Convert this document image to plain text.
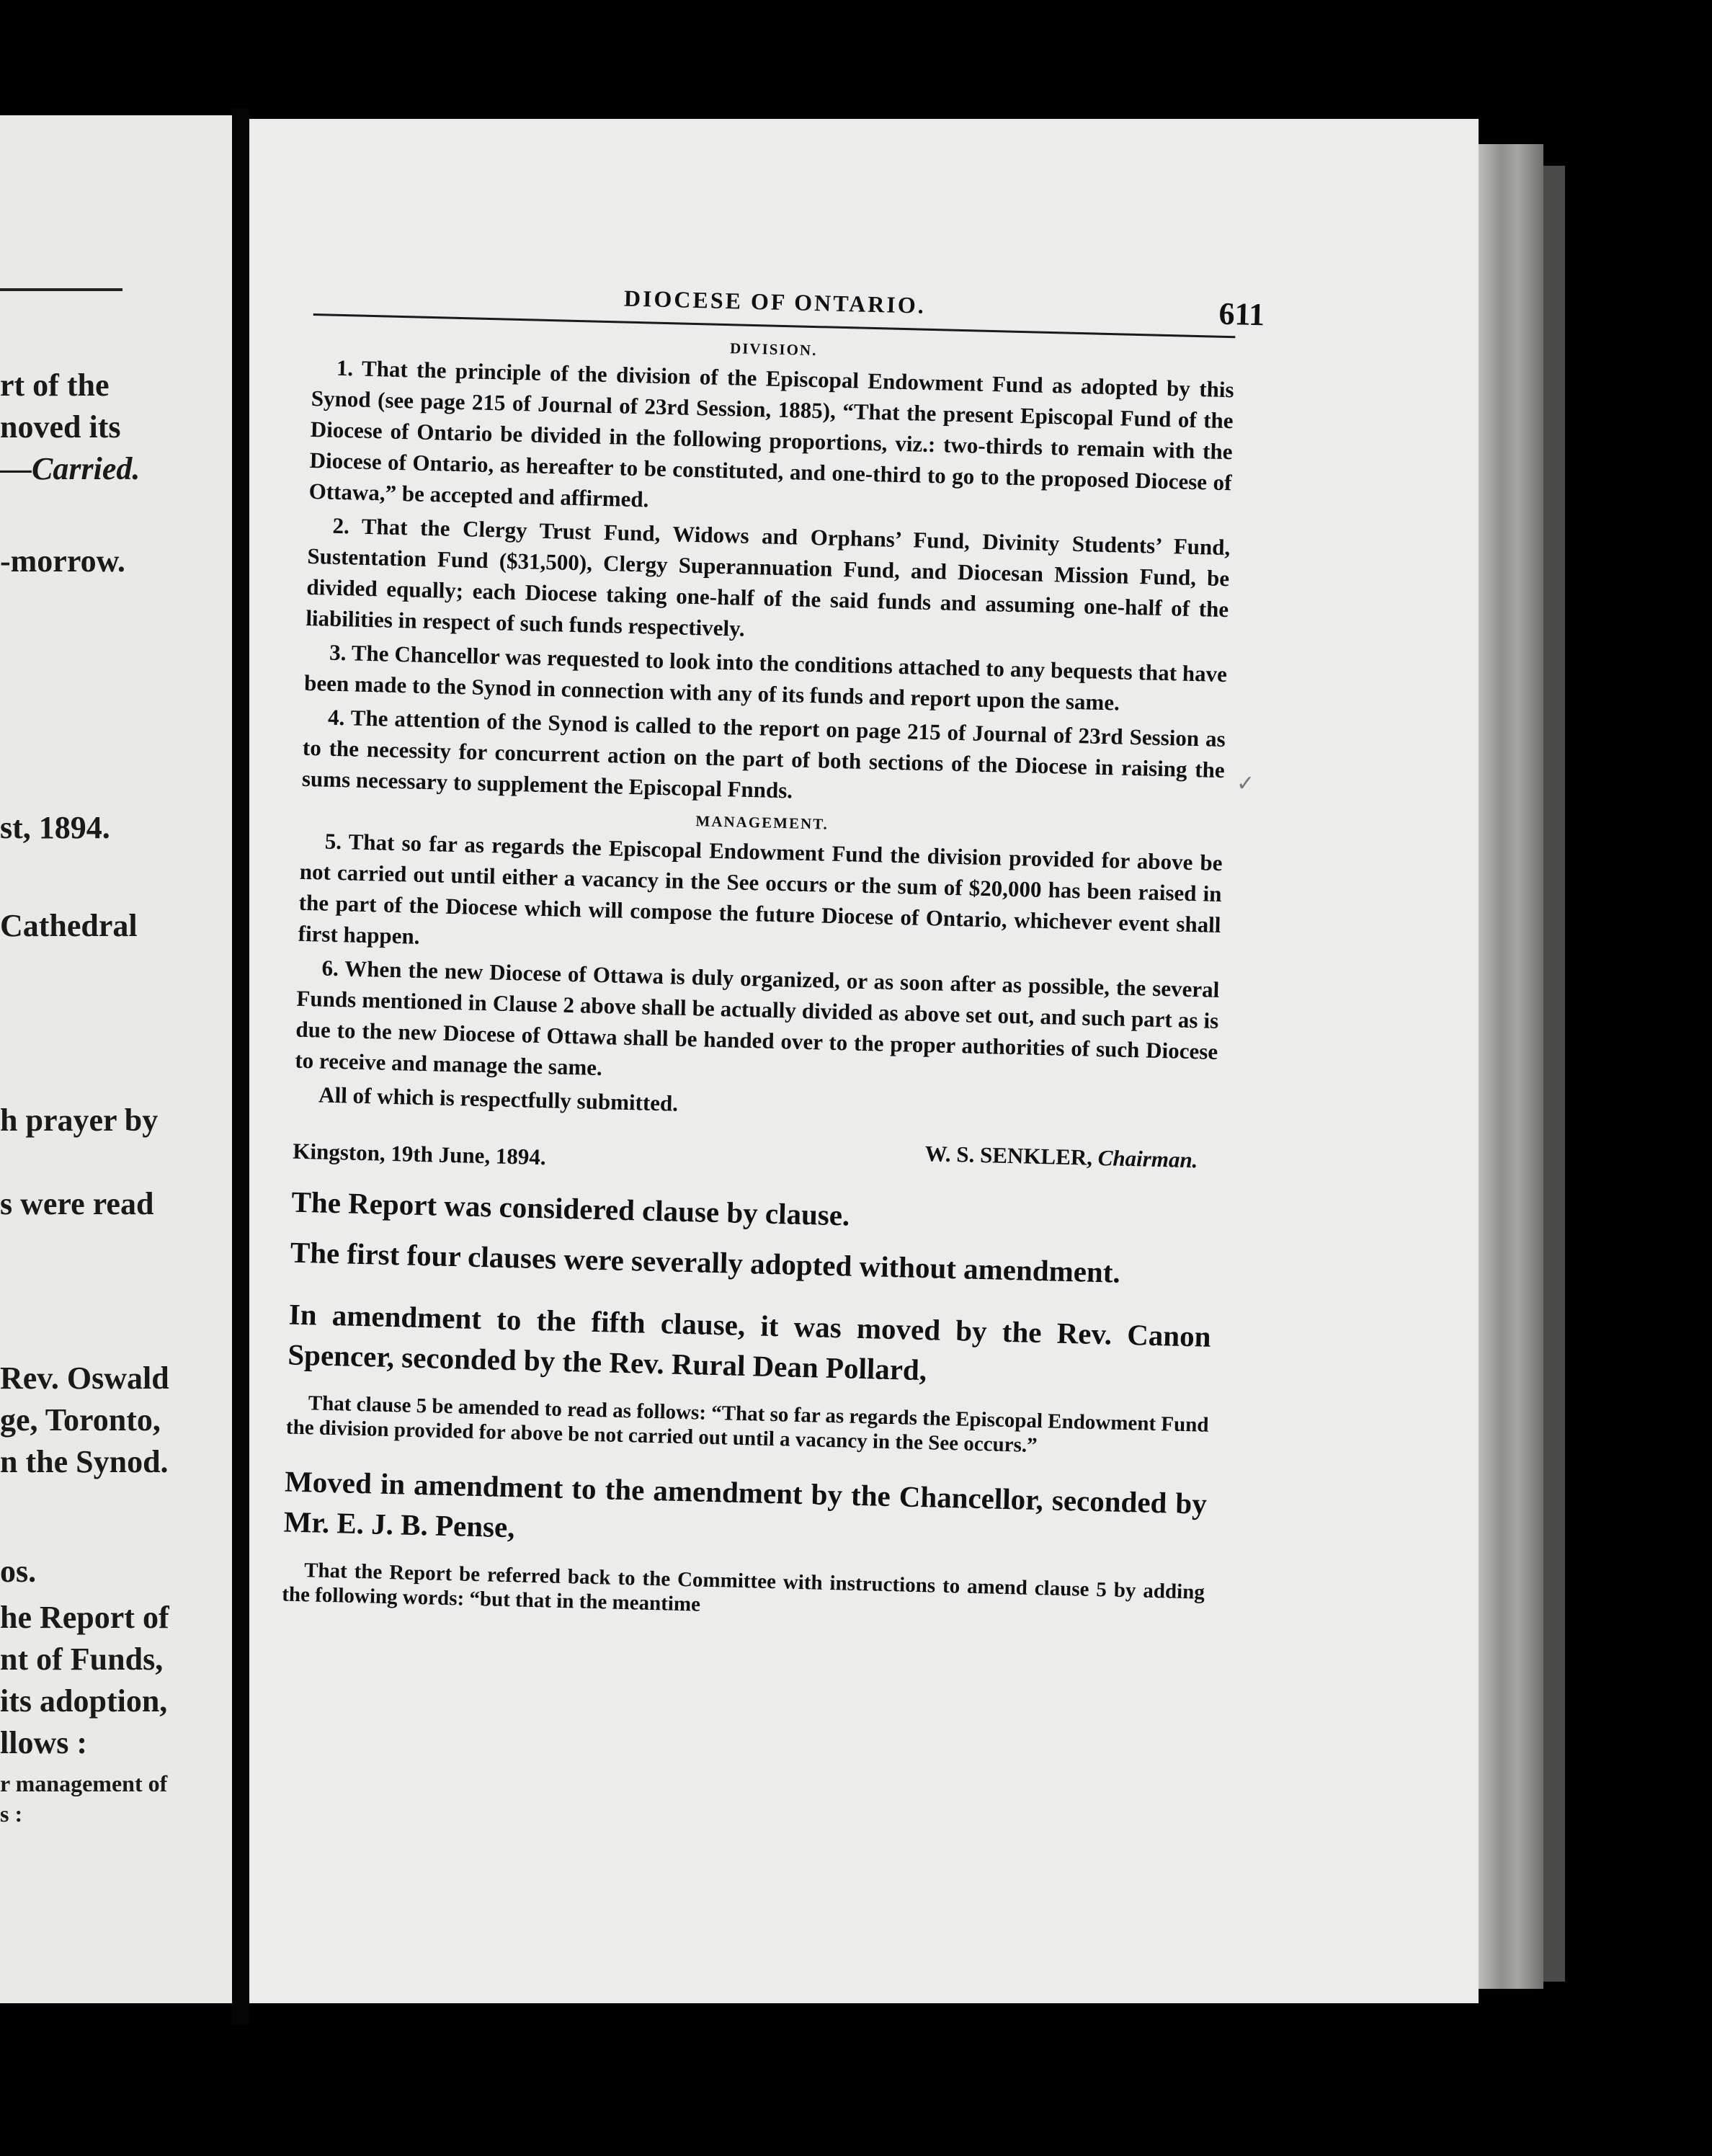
rt of the
noved its
—Carried.
-morrow.
st, 1894.
Cathedral
h prayer by
s were read
Rev. Oswald
ge, Toronto,
n the Synod.
os.
he Report of
nt of Funds,
its adoption,
llows :
r management of
s :
DIOCESE OF ONTARIO.	611
DIVISION.

1. That the principle of the division of the Episcopal Endowment Fund as adopted by this Synod (see page 215 of Journal of 23rd Session, 1885), “That the present Episcopal Fund of the Diocese of Ontario be divided in the following proportions, viz.: two-thirds to remain with the Diocese of Ontario, as hereafter to be constituted, and one-third to go to the proposed Diocese of Ottawa,” be accepted and affirmed.

2. That the Clergy Trust Fund, Widows and Orphans’ Fund, Divinity Students’ Fund, Sustentation Fund ($31,500), Clergy Superannuation Fund, and Diocesan Mission Fund, be divided equally; each Diocese taking one-half of the said funds and assuming one-half of the liabilities in respect of such funds respectively.

3. The Chancellor was requested to look into the conditions attached to any bequests that have been made to the Synod in connection with any of its funds and report upon the same.

4. The attention of the Synod is called to the report on page 215 of Journal of 23rd Session as to the necessity for concurrent action on the part of both sections of the Diocese in raising the sums necessary to supplement the Episcopal Fnnds.

MANAGEMENT.

5. That so far as regards the Episcopal Endowment Fund the division provided for above be not carried out until either a vacancy in the See occurs or the sum of $20,000 has been raised in the part of the Diocese which will compose the future Diocese of Ontario, whichever event shall first happen.

6. When the new Diocese of Ottawa is duly organized, or as soon after as possible, the several Funds mentioned in Clause 2 above shall be actually divided as above set out, and such part as is due to the new Diocese of Ottawa shall be handed over to the proper authorities of such Diocese to receive and manage the same.

All of which is respectfully submitted.

Kingston, 19th June, 1894.	W. S. SENKLER, Chairman.

The Report was considered clause by clause.

The first four clauses were severally adopted without amendment.

In amendment to the fifth clause, it was moved by the Rev. Canon Spencer, seconded by the Rev. Rural Dean Pollard,

That clause 5 be amended to read as follows: “That so far as regards the Episcopal Endowment Fund the division provided for above be not carried out until a vacancy in the See occurs.”

Moved in amendment to the amendment by the Chancellor, seconded by Mr. E. J. B. Pense,

That the Report be referred back to the Committee with instructions to amend clause 5 by adding the following words: “but that in the meantime

✓
